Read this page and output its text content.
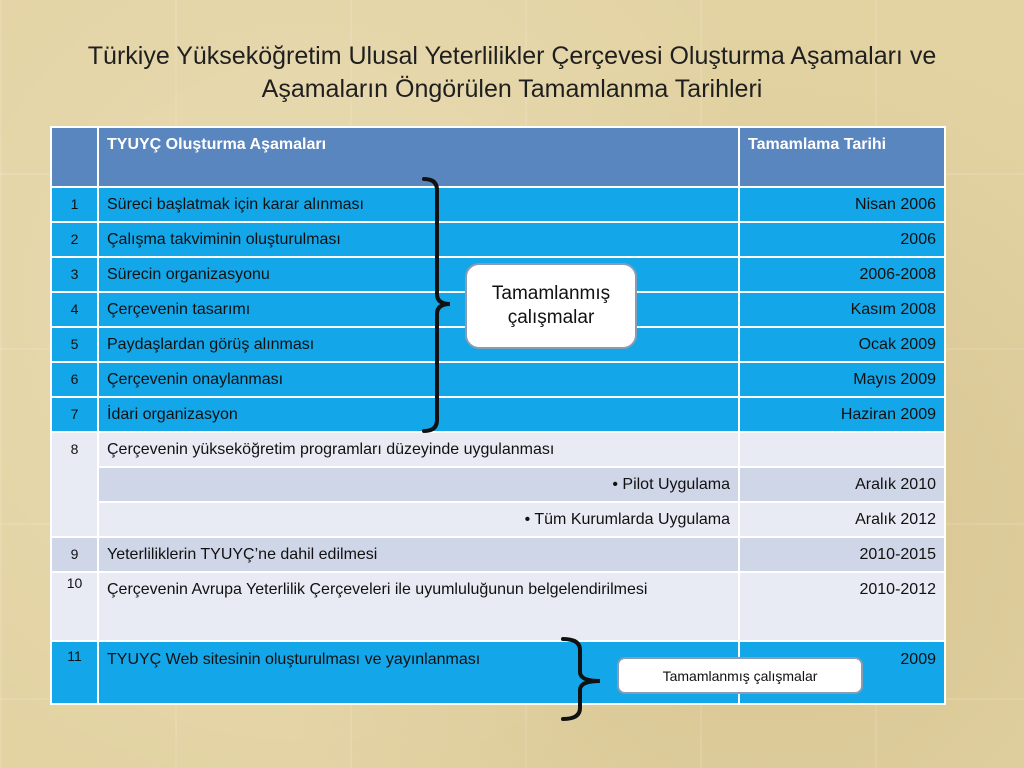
Türkiye Yükseköğretim Ulusal Yeterlilikler Çerçevesi Oluşturma Aşamaları ve Aşamaların Öngörülen Tamamlanma Tarihleri
	TYUYÇ Oluşturma Aşamaları	Tamamlama Tarihi
1	Süreci başlatmak için karar alınması	Nisan 2006
2	Çalışma takviminin oluşturulması	2006
3	Sürecin organizasyonu	2006-2008
4	Çerçevenin tasarımı	Kasım 2008
5	Paydaşlardan görüş alınması	Ocak 2009
6	Çerçevenin onaylanması	Mayıs 2009
7	İdari organizasyon	Haziran 2009
8	Çerçevenin yükseköğretim programları düzeyinde uygulanması	
	• Pilot Uygulama	Aralık 2010
	• Tüm Kurumlarda Uygulama	Aralık 2012
9	Yeterliliklerin TYUYÇ’ne dahil edilmesi	2010-2015
10	Çerçevenin Avrupa Yeterlilik Çerçeveleri ile uyumluluğunun belgelendirilmesi	2010-2012
11	TYUYÇ Web sitesinin oluşturulması ve yayınlanması	2009
Tamamlanmış çalışmalar
Tamamlanmış çalışmalar
